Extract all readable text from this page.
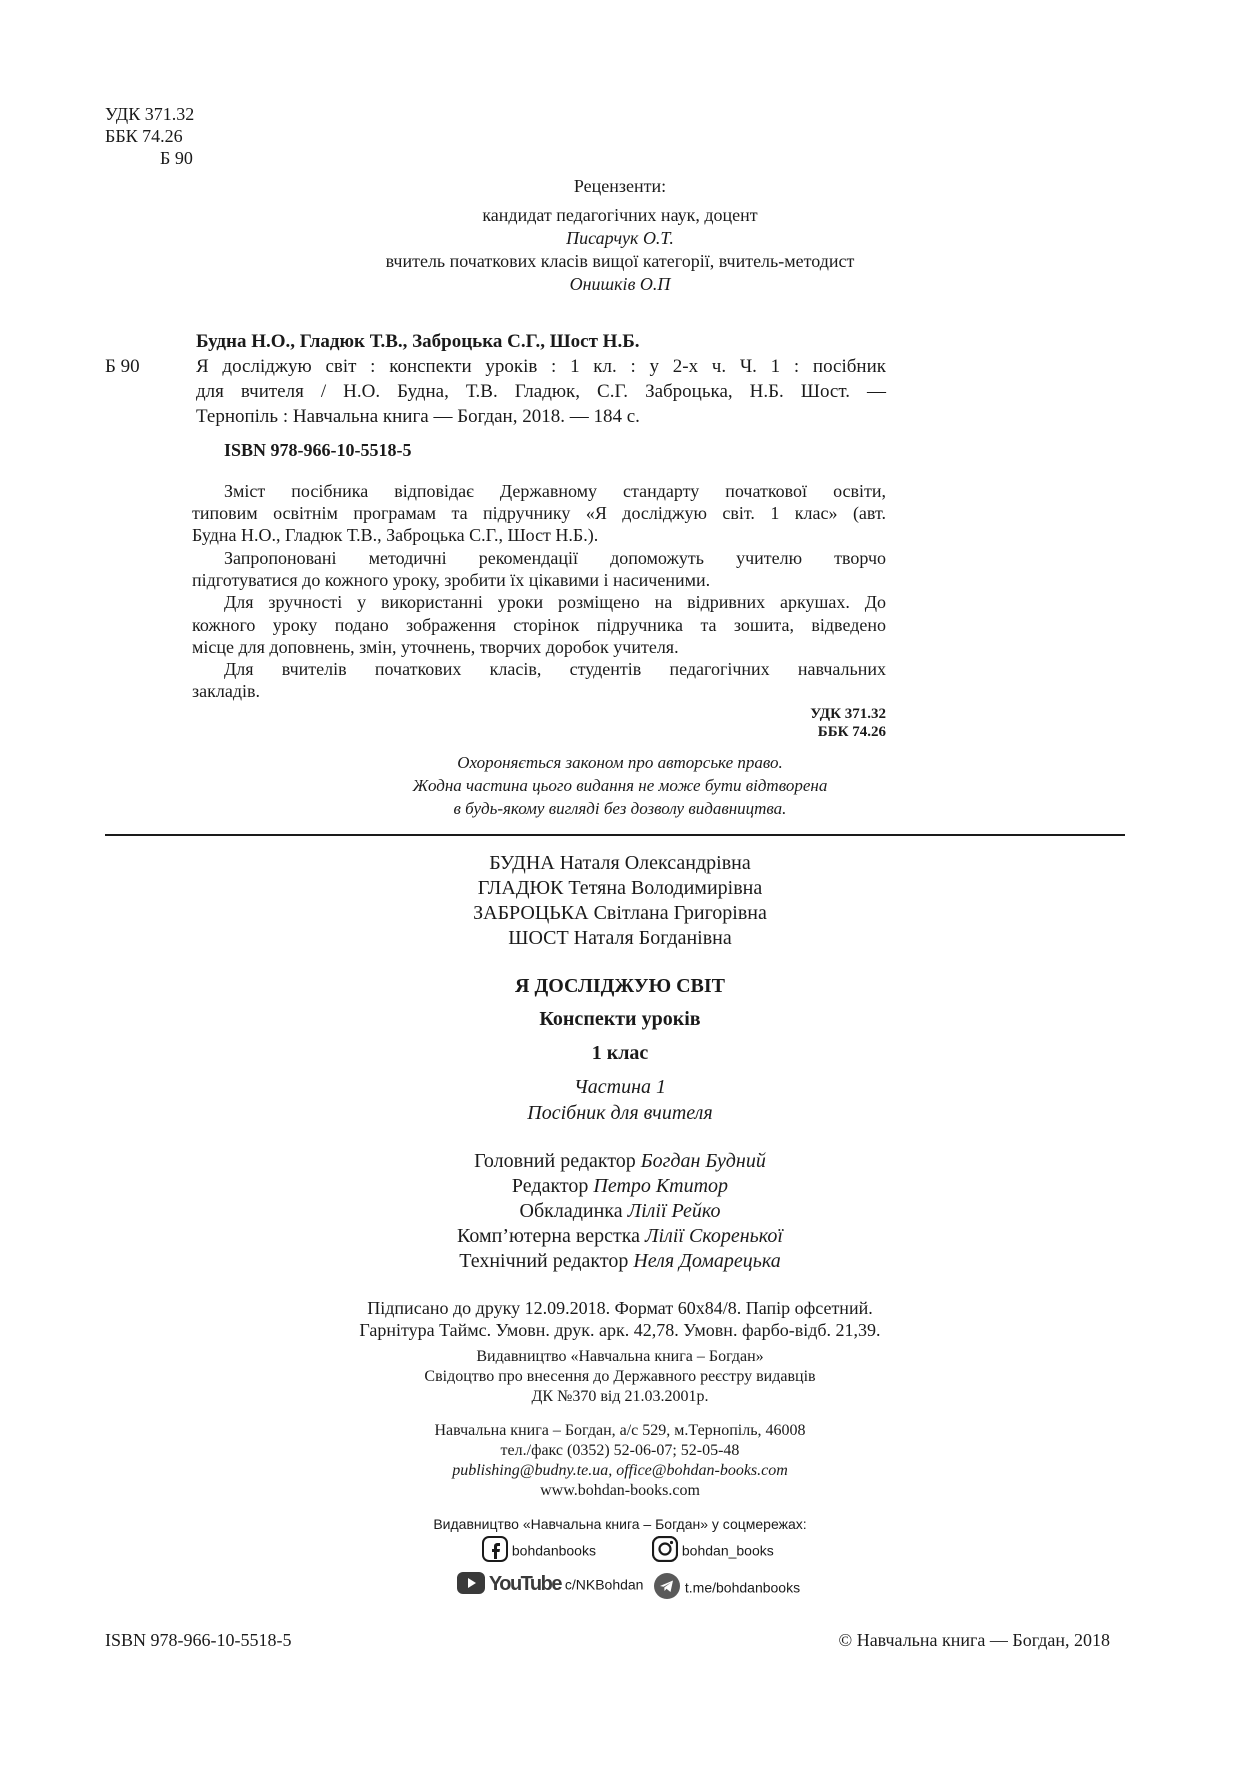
УДК 371.32
ББК 74.26
Б 90
Рецензенти:
кандидат педагогічних наук, доцент
Писарчук О.Т.
вчитель початкових класів вищої категорії, вчитель-методист
Онишків О.П
Будна Н.О., Гладюк Т.В., Заброцька С.Г., Шост Н.Б.
Б 90	Я досліджую світ : конспекти уроків : 1 кл. : у 2-х ч. Ч. 1 : посібник
для вчителя / Н.О. Будна, Т.В. Гладюк, С.Г. Заброцька, Н.Б. Шост. —
Тернопіль : Навчальна книга — Богдан, 2018. — 184 с.
ISBN 978-966-10-5518-5
Зміст посібника відповідає Державному стандарту початкової освіти,
типовим освітнім програмам та підручнику «Я досліджую світ. 1 клас» (авт.
Будна Н.О., Гладюк Т.В., Заброцька С.Г., Шост Н.Б.).
Запропоновані методичні рекомендації допоможуть учителю творчо
підготуватися до кожного уроку, зробити їх цікавими і насиченими.
Для зручності у використанні уроки розміщено на відривних аркушах. До
кожного уроку подано зображення сторінок підручника та зошита, відведено
місце для доповнень, змін, уточнень, творчих доробок учителя.
Для вчителів початкових класів, студентів педагогічних навчальних
закладів.
УДК 371.32
ББК 74.26
Охороняється законом про авторське право.
Жодна частина цього видання не може бути відтворена
в будь-якому вигляді без дозволу видавництва.
БУДНА Наталя Олександрівна
ГЛАДЮК Тетяна Володимирівна
ЗАБРОЦЬКА Світлана Григорівна
ШОСТ Наталя Богданівна
Я ДОСЛІДЖУЮ СВІТ
Конспекти уроків
1 клас
Частина 1
Посібник для вчителя
Головний редактор Богдан Будний
Редактор Петро Ктитор
Обкладинка Лілії Рейко
Комп’ютерна верстка Лілії Скоренької
Технічний редактор Неля Домарецька
Підписано до друку 12.09.2018. Формат 60х84/8. Папір офсетний.
Гарнітура Таймс. Умовн. друк. арк. 42,78. Умовн. фарбо-відб. 21,39.
Видавництво «Навчальна книга – Богдан»
Свідоцтво про внесення до Державного реєстру видавців
ДК №370 від 21.03.2001р.
Навчальна книга – Богдан, а/с 529, м.Тернопіль, 46008
тел./факс (0352) 52-06-07; 52-05-48
publishing@budny.te.ua, office@bohdan-books.com
www.bohdan-books.com
Видавництво «Навчальна книга – Богдан» у соцмережах:
bohdanbooks	bohdan_books
YouTube c/NKBohdan	t.me/bohdanbooks
ISBN 978-966-10-5518-5	© Навчальна книга — Богдан, 2018
